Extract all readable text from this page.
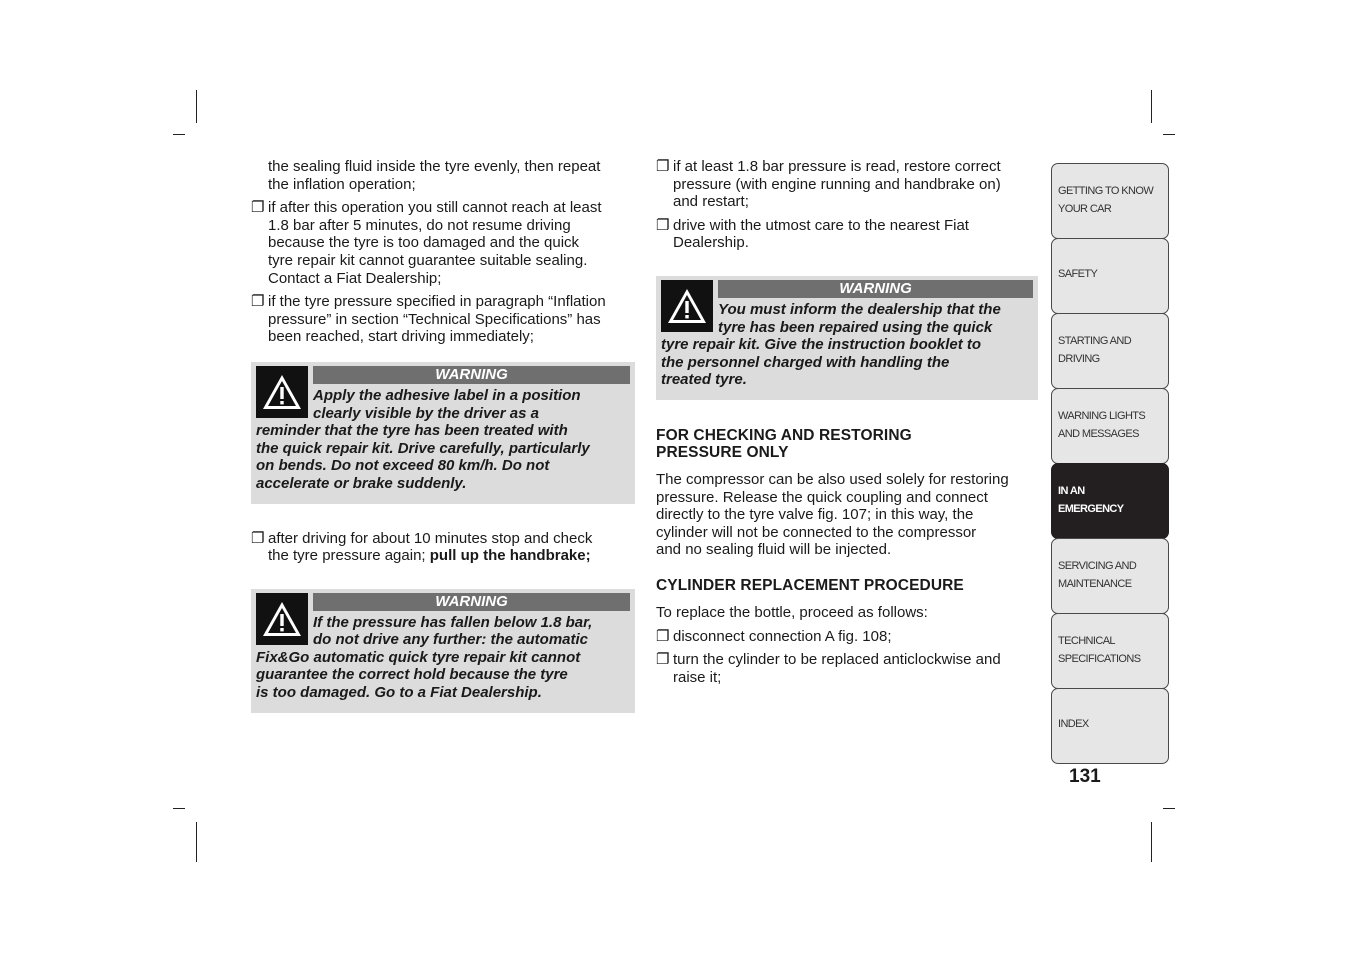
the sealing fluid inside the tyre evenly, then repeat
the inflation operation;
❐ if after this operation you still cannot reach at least
1.8 bar after 5 minutes, do not resume driving
because the tyre is too damaged and the quick
tyre repair kit cannot guarantee suitable sealing.
Contact a Fiat Dealership;
❐ if the tyre pressure specified in paragraph “Inflation
pressure” in section “Technical Specifications” has
been reached, start driving immediately;
WARNING
Apply the adhesive label in a position
clearly visible by the driver as a
reminder that the tyre has been treated with
the quick repair kit. Drive carefully, particularly
on bends. Do not exceed 80 km/h. Do not
accelerate or brake suddenly.
❐ after driving for about 10 minutes stop and check
the tyre pressure again; pull up the handbrake;
WARNING
If the pressure has fallen below 1.8 bar,
do not drive any further: the automatic
Fix&Go automatic quick tyre repair kit cannot
guarantee the correct hold because the tyre
is too damaged. Go to a Fiat Dealership.
❐ if at least 1.8 bar pressure is read, restore correct
pressure (with engine running and handbrake on)
and restart;
❐ drive with the utmost care to the nearest Fiat
Dealership.
WARNING
You must inform the dealership that the
tyre has been repaired using the quick
tyre repair kit. Give the instruction booklet to
the personnel charged with handling the
treated tyre.
FOR CHECKING AND RESTORING
PRESSURE ONLY
The compressor can be also used solely for restoring
pressure. Release the quick coupling and connect
directly to the tyre valve fig. 107; in this way, the
cylinder will not be connected to the compressor
and no sealing fluid will be injected.
CYLINDER REPLACEMENT PROCEDURE
To replace the bottle, proceed as follows:
❐ disconnect connection A fig. 108;
❐ turn the cylinder to be replaced anticlockwise and
raise it;
GETTING TO KNOW
YOUR CAR
SAFETY
STARTING AND
DRIVING
WARNING LIGHTS
AND MESSAGES
IN AN
EMERGENCY
SERVICING AND
MAINTENANCE
TECHNICAL
SPECIFICATIONS
INDEX
131
